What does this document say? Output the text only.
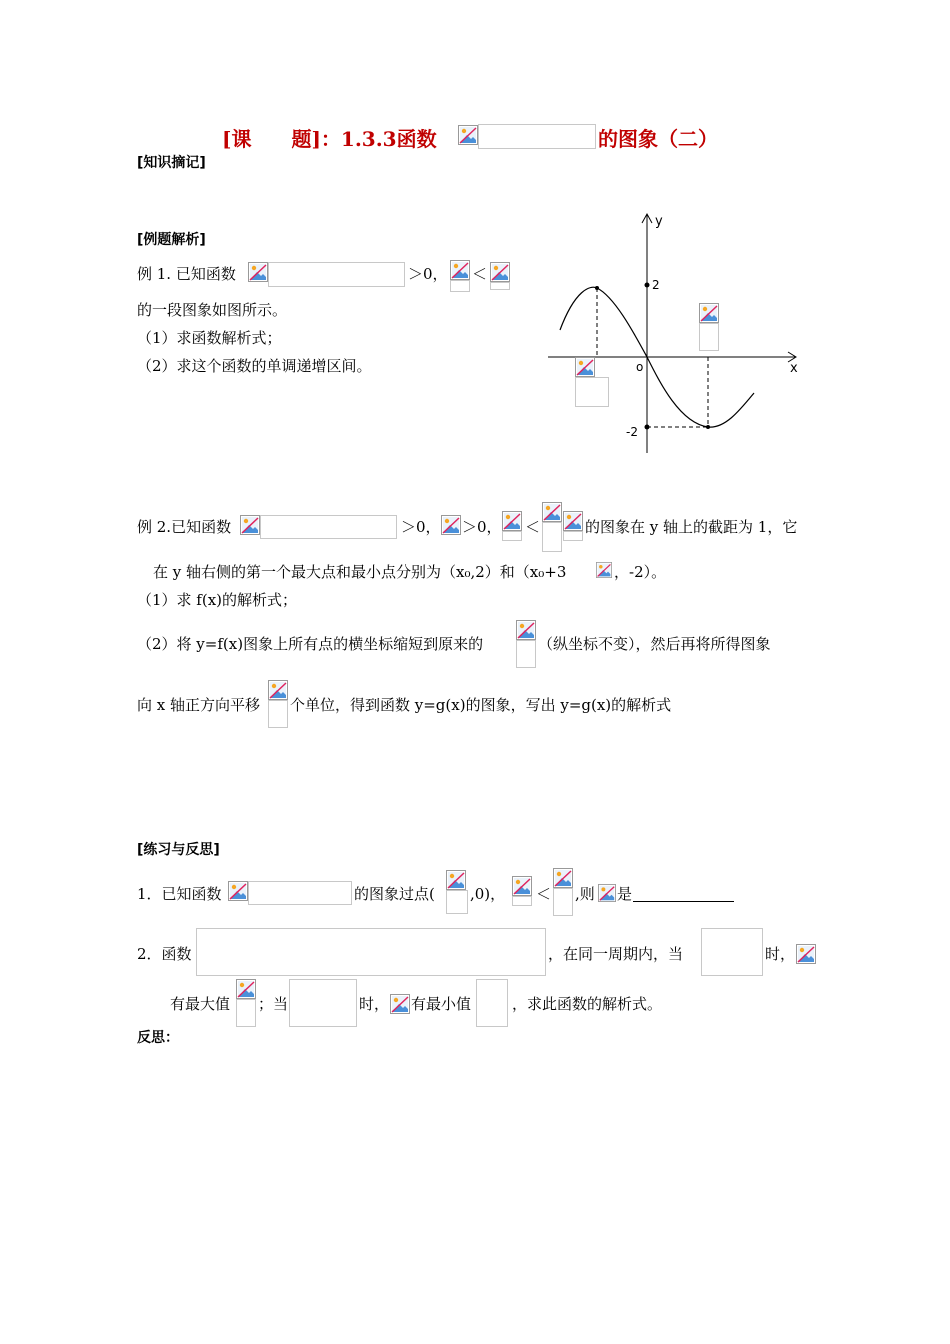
[课　　题]：1.3.3函数	的图象（二）
[知识摘记]
[例题解析]
例 1. 已知函数	＞0， ＜
的一段图象如图所示。
（1）求函数解析式；
（2）求这个函数的单调递增区间。
y
x
o
2
-2
例 2.已知函数	＞0， ＞0， ＜	的图象在 y 轴上的截距为 1，它
在 y 轴右侧的第一个最大点和最小点分别为（x₀,2）和（x₀+3	，-2）。
（1）求 f(x)的解析式；
（2）将 y=f(x)图象上所有点的横坐标缩短到原来的	（纵坐标不变），然后再将所得图象
向 x 轴正方向平移 个单位，得到函数 y=g(x)的图象，写出 y=g(x)的解析式
[练习与反思]
1．已知函数	的图象过点( ,0)， ＜ ,则 是
2．函数	，在同一周期内，当	时，
有最大值 ；当	时， 有最小值	，求此函数的解析式。
反思：
